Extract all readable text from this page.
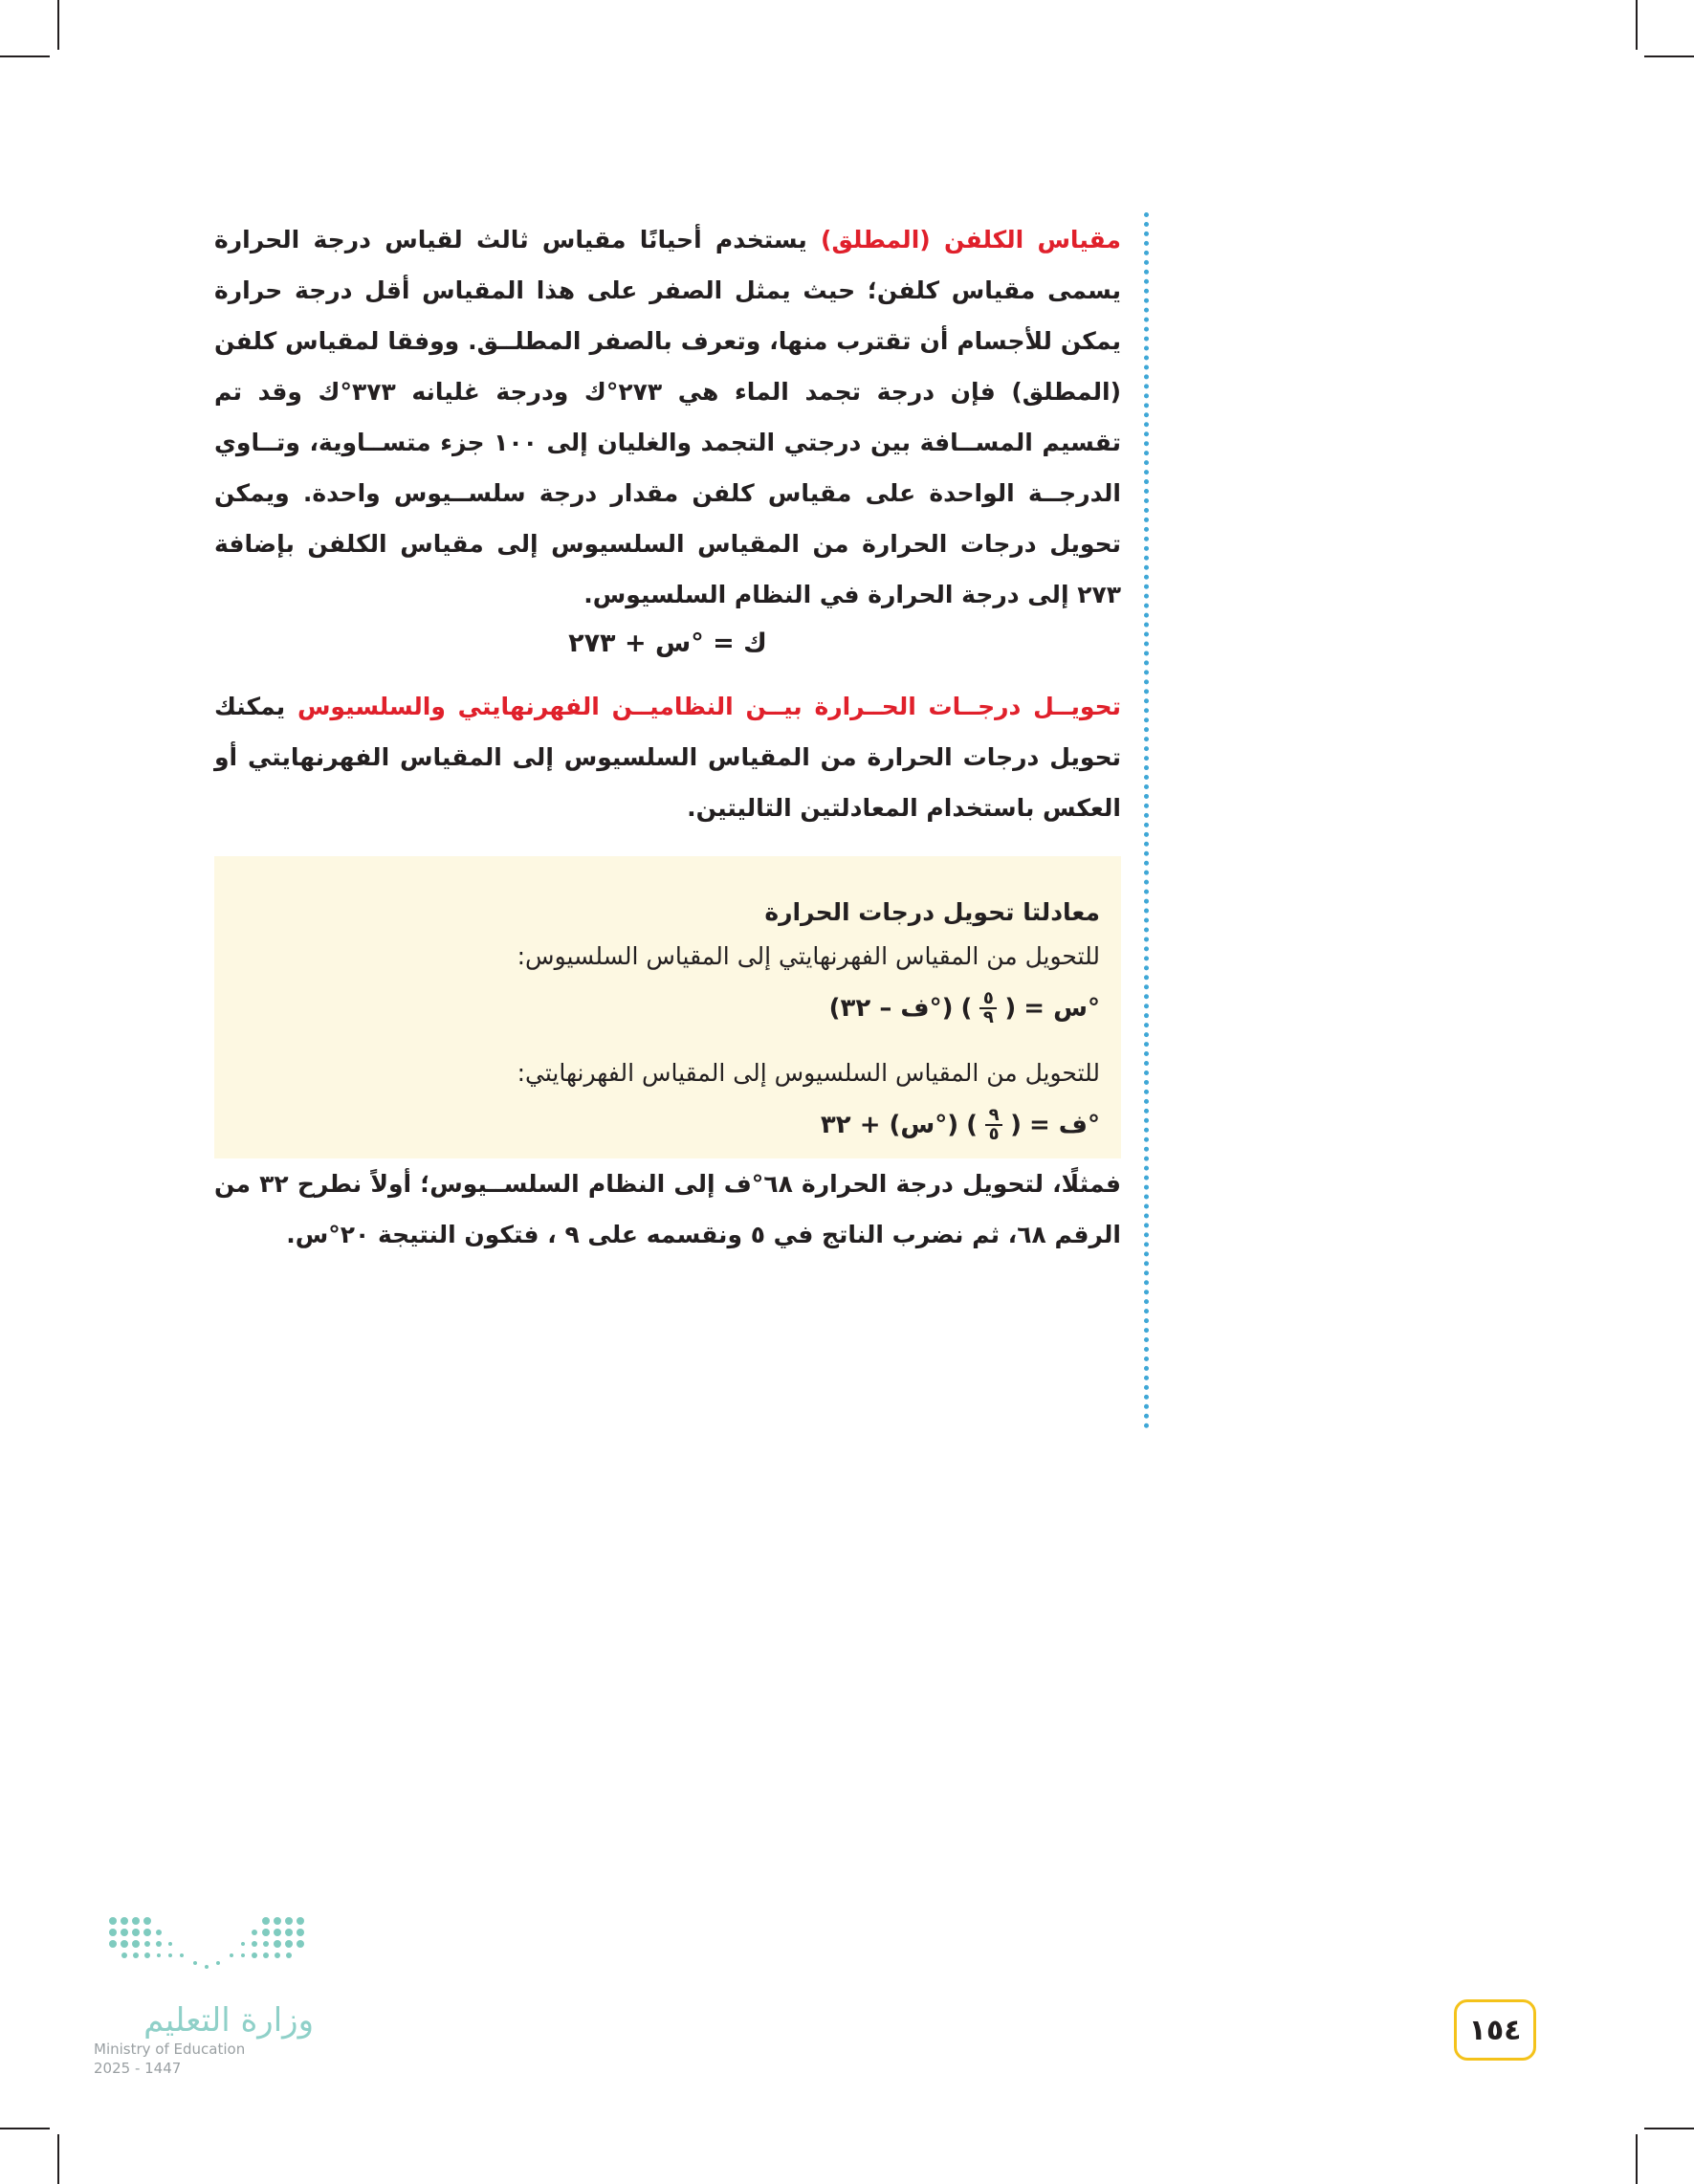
مقياس الكلفن (المطلق) يستخدم أحيانًا مقياس ثالث لقياس درجة الحرارة يسمى مقياس كلفن؛ حيث يمثل الصفر على هذا المقياس أقل درجة حرارة يمكن للأجسام أن تقترب منها، وتعرف بالصفر المطلــق. ووفقا لمقياس كلفن (المطلق) فإن درجة تجمد الماء هي ٢٧٣°ك ودرجة غليانه ٣٧٣°ك وقد تم تقسيم المســافة بين درجتي التجمد والغليان إلى ١٠٠ جزء متســاوية، وتــاوي الدرجــة الواحدة على مقياس كلفن مقدار درجة سلســيوس واحدة. ويمكن تحويل درجات الحرارة من المقياس السلسيوس إلى مقياس الكلفن بإضافة ٢٧٣ إلى درجة الحرارة في النظام السلسيوس.

ك = °س + ٢٧٣

تحويــل درجــات الحــرارة بيــن النظاميــن الفهرنهايتي والسلسيوس يمكنك تحويل درجات الحرارة من المقياس السلسيوس إلى المقياس الفهرنهايتي أو العكس باستخدام المعادلتين التاليتين.

معادلتا تحويل درجات الحرارة
للتحويل من المقياس الفهرنهايتي إلى المقياس السلسيوس:
°س =
(
$\frac{٥}{٩}$
)
(°ف – ٣٢)
للتحويل من المقياس السلسيوس إلى المقياس الفهرنهايتي:
°ف =
(
$\frac{٩}{٥}$
)
(°س) + ٣٢

فمثلًا، لتحويل درجة الحرارة ٦٨°ف إلى النظام السلســيوس؛ أولاً نطرح ٣٢ من الرقم ٦٨، ثم نضرب الناتج في ٥ ونقسمه على ٩ ، فتكون النتيجة ٢٠°س.

١٥٤
وزارة التعليم
Ministry of Education
2025 - 1447
